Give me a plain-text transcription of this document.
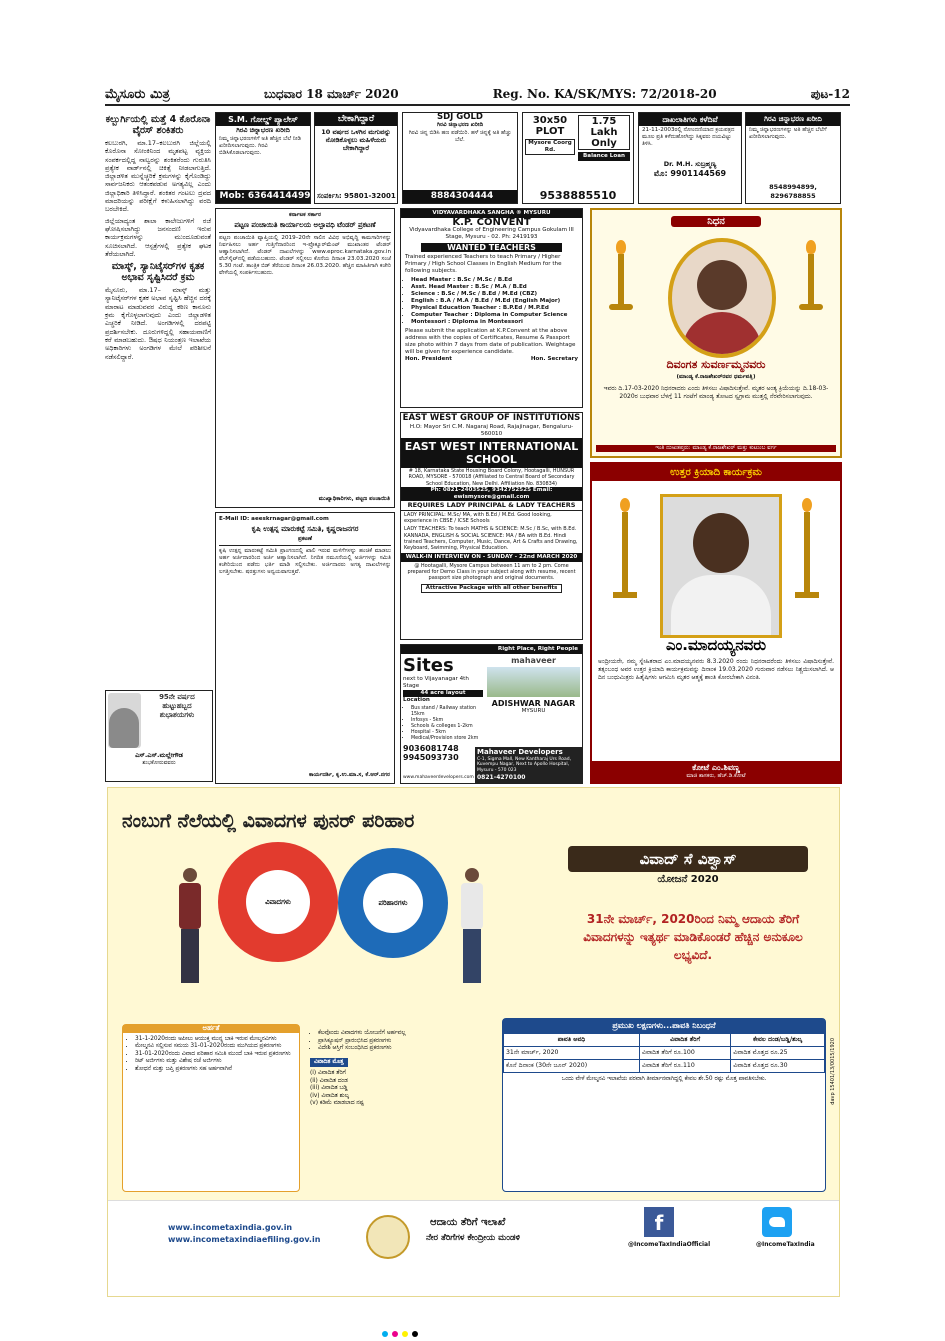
ಮೈಸೂರು ಮಿತ್ರ	ಬುಧವಾರ 18 ಮಾರ್ಚ್ 2020	Reg. No. KA/SK/MYS: 72/2018-20	ಪುಟ-12
ಕಲ್ಬುರ್ಗಿಯಲ್ಲಿ ಮತ್ತೆ 4 ಕೊರೊನಾ ವೈರಸ್ ಶಂಕಿತರು

ಕಲಬುರಗಿ, ಮಾ.17–ಕಲಬುರಗಿ ಜಿಲ್ಲೆಯಲ್ಲಿ ಕೊರೊನಾ ಸೋಂಕಿನಿಂದ ಮೃತಪಟ್ಟ ವ್ಯಕ್ತಿಯ ಸಂಪರ್ಕದಲ್ಲಿದ್ದ ನಾಲ್ವರನ್ನು ಶಂಕಿತರೆಂದು ಗುರುತಿಸಿ ಪ್ರತ್ಯೇಕ ವಾರ್ಡ್‌ನಲ್ಲಿ ಚಿಕಿತ್ಸೆ ನೀಡಲಾಗುತ್ತಿದೆ. ಜಿಲ್ಲಾಡಳಿತ ಮುನ್ನೆಚ್ಚರಿಕೆ ಕ್ರಮಗಳನ್ನು ಕೈಗೊಂಡಿದ್ದು ಸಾರ್ವಜನಿಕರು ಆತಂಕಪಡುವ ಅಗತ್ಯವಿಲ್ಲ ಎಂದು ಜಿಲ್ಲಾಧಿಕಾರಿ ತಿಳಿಸಿದ್ದಾರೆ. ಶಂಕಿತರ ಗಂಟಲು ದ್ರವದ ಮಾದರಿಯನ್ನು ಪರೀಕ್ಷೆಗೆ ಕಳುಹಿಸಲಾಗಿದ್ದು ವರದಿ ಬರಬೇಕಿದೆ.

ಜಿಲ್ಲೆಯಾದ್ಯಂತ ಶಾಲಾ ಕಾಲೇಜುಗಳಿಗೆ ರಜೆ ಘೋಷಿಸಲಾಗಿದ್ದು ಜನಸಂದಣಿ ಇರುವ ಕಾರ್ಯಕ್ರಮಗಳನ್ನು ಮುಂದೂಡುವಂತೆ ಸೂಚಿಸಲಾಗಿದೆ. ಆಸ್ಪತ್ರೆಗಳಲ್ಲಿ ಪ್ರತ್ಯೇಕ ಘಟಕ ತೆರೆಯಲಾಗಿದೆ.

ಮಾಸ್ಕ್, ಸ್ಯಾನಿಟೈಸರ್‌ಗಳ ಕೃತಕ ಅಭಾವ ಸೃಷ್ಟಿಸಿದರೆ ಕ್ರಮ

ಮೈಸೂರು, ಮಾ.17– ಮಾಸ್ಕ್ ಮತ್ತು ಸ್ಯಾನಿಟೈಸರ್‌ಗಳ ಕೃತಕ ಅಭಾವ ಸೃಷ್ಟಿಸಿ ಹೆಚ್ಚಿನ ದರಕ್ಕೆ ಮಾರಾಟ ಮಾಡುವವರ ವಿರುದ್ಧ ಕಠಿಣ ಕಾನೂನು ಕ್ರಮ ಕೈಗೊಳ್ಳಲಾಗುವುದು ಎಂದು ಜಿಲ್ಲಾಡಳಿತ ಎಚ್ಚರಿಕೆ ನೀಡಿದೆ. ಅಂಗಡಿಗಳಲ್ಲಿ ದರಪಟ್ಟಿ ಪ್ರದರ್ಶಿಸಬೇಕು. ದೂರುಗಳಿದ್ದಲ್ಲಿ ಸಹಾಯವಾಣಿಗೆ ಕರೆ ಮಾಡಬಹುದು. ಔಷಧ ನಿಯಂತ್ರಣ ಇಲಾಖೆಯ ಅಧಿಕಾರಿಗಳು ಅಂಗಡಿಗಳ ಮೇಲೆ ಪರಿಶೀಲನೆ ನಡೆಸಲಿದ್ದಾರೆ.

95ನೇ ವರ್ಷದ ಹುಟ್ಟುಹಬ್ಬದ ಶುಭಾಶಯಗಳು
ಎಸ್.ಎಸ್.ಮಲ್ಲೇಗೌಡ
ಶುಭಕೋರುವವರು
S.M. ಗೋಲ್ಡ್ ಪ್ಯಾಲೇಸ್
ಗಿರವಿ ಚಿನ್ನಾಭರಣ ಖರೀದಿ
ನಿಮ್ಮ ಚಿನ್ನಾಭರಣಗಳಿಗೆ ಅತಿ ಹೆಚ್ಚಿನ ಬೆಲೆ ನೀಡಿ ಖರೀದಿಸಲಾಗುವುದು. ಗಿರವಿ ಬಿಡಿಸಿಕೊಡಲಾಗುವುದು.
Mob: 6364414499
ಬೇಕಾಗಿದ್ದಾರೆ
10 ವರ್ಷದ ಒಳಗಿನ ಮಗುವನ್ನು ನೋಡಿಕೊಳ್ಳಲು ಮಹಿಳೆಯರು ಬೇಕಾಗಿದ್ದಾರೆ
ಸಂಪರ್ಕಿಸಿ: 95801-32001
SDJ GOLD
ಗಿರವಿ ಚಿನ್ನಾಭರಣ ಖರೀದಿ
ಗಿರವಿ ಚಿನ್ನ ಬಿಡಿಸಿ ಹಣ ಪಡೆಯಿರಿ. ಹಳೆ ಚಿನ್ನಕ್ಕೆ ಅತಿ ಹೆಚ್ಚು ಬೆಲೆ.
8884304444
30x50 PLOT
Mysore Coorg Rd.
1.75 Lakh Only
Balance Loan
9538885510
ದಾಖಲಾತಿಗಳು ಕಳೆದಿವೆ
21-11-2003ರಲ್ಲಿ ನೋಂದಣಿಯಾದ ಕ್ರಯಪತ್ರದ ಮೂಲ ಪ್ರತಿ ಕಳೆದುಹೋಗಿದ್ದು ಸಿಕ್ಕವರು ದಯವಿಟ್ಟು ತಿಳಿಸಿ.
Dr. M.H. ಸುಬ್ರಹ್ಮಣ್ಯ
ಮೊ: 9901144569
ಗಿರವಿ ಚಿನ್ನಾಭರಣ ಖರೀದಿ
ನಿಮ್ಮ ಚಿನ್ನಾಭರಣಗಳನ್ನು ಅತಿ ಹೆಚ್ಚಿನ ಬೆಲೆಗೆ ಖರೀದಿಸಲಾಗುವುದು.
8548994899, 8296788855
ಕರ್ನಾಟಕ ಸರ್ಕಾರ
ಪಟ್ಟಣ ಪಂಚಾಯಿತಿ ಕಾರ್ಯಾಲಯ ಅಲ್ಪಾವಧಿ ಟೆಂಡರ್ ಪ್ರಕಟಣೆ
ಪಟ್ಟಣ ಪಂಚಾಯಿತಿ ವ್ಯಾಪ್ತಿಯಲ್ಲಿ 2019–20ನೇ ಸಾಲಿನ ವಿವಿಧ ಅಭಿವೃದ್ಧಿ ಕಾಮಗಾರಿಗಳನ್ನು ನಿರ್ವಹಿಸಲು ಅರ್ಹ ಗುತ್ತಿಗೆದಾರರಿಂದ ಇ-ಪ್ರೊಕ್ಯೂರ್‌ಮೆಂಟ್ ಮುಖಾಂತರ ಟೆಂಡರ್ ಆಹ್ವಾನಿಸಲಾಗಿದೆ. ಟೆಂಡರ್ ದಾಖಲೆಗಳನ್ನು www.eproc.karnataka.gov.in ವೆಬ್‌ಸೈಟ್‌ನಲ್ಲಿ ಪಡೆಯಬಹುದು. ಟೆಂಡರ್ ಸಲ್ಲಿಸಲು ಕೊನೆಯ ದಿನಾಂಕ 23.03.2020 ಸಂಜೆ 5.30 ಗಂಟೆ. ತಾಂತ್ರಿಕ ಬಿಡ್ ತೆರೆಯುವ ದಿನಾಂಕ 26.03.2020. ಹೆಚ್ಚಿನ ಮಾಹಿತಿಗಾಗಿ ಕಚೇರಿ ವೇಳೆಯಲ್ಲಿ ಸಂಪರ್ಕಿಸಬಹುದು.
ಮುಖ್ಯಾಧಿಕಾರಿಗಳು, ಪಟ್ಟಣ ಪಂಚಾಯಿತಿ
E-Mail ID: aeeskrnagar@gmail.com
ಕೃಷಿ ಉತ್ಪನ್ನ ಮಾರುಕಟ್ಟೆ ಸಮಿತಿ, ಕೃಷ್ಣರಾಜನಗರ
ಪ್ರಕಟಣೆ
ಕೃಷಿ ಉತ್ಪನ್ನ ಮಾರುಕಟ್ಟೆ ಸಮಿತಿ ಪ್ರಾಂಗಣದಲ್ಲಿ ಖಾಲಿ ಇರುವ ಮಳಿಗೆಗಳನ್ನು ಹಂಚಿಕೆ ಮಾಡಲು ಅರ್ಹ ಅರ್ಜಿದಾರರಿಂದ ಅರ್ಜಿ ಆಹ್ವಾನಿಸಲಾಗಿದೆ. ನಿಗದಿತ ನಮೂನೆಯಲ್ಲಿ ಅರ್ಜಿಗಳನ್ನು ಸಮಿತಿ ಕಚೇರಿಯಿಂದ ಪಡೆದು ಭರ್ತಿ ಮಾಡಿ ಸಲ್ಲಿಸಬೇಕು. ಅರ್ಜಿದಾರರು ಅಗತ್ಯ ದಾಖಲೆಗಳನ್ನು ಲಗತ್ತಿಸಬೇಕು. ಷರತ್ತುಗಳು ಅನ್ವಯವಾಗುತ್ತವೆ.
ಕಾರ್ಯದರ್ಶಿ, ಕೃ.ಉ.ಮಾ.ಸ, ಕೆ.ಆರ್.ನಗರ
VIDYAVARDHAKA SANGHA ® MYSURU
K.P. CONVENT
Vidyavardhaka College of Engineering Campus Gokulam III Stage, Mysuru - 02. Ph: 2419193
WANTED TEACHERS
Trained experienced Teachers to teach Primary / Higher Primary / High School Classes in English Medium for the following subjects.
• Head Master : B.Sc / M.Sc / B.Ed
• Asst. Head Master : B.Sc / M.A / B.Ed
• Science : B.Sc / M.Sc / B.Ed / M.Ed (CBZ)
• English : B.A / M.A / B.Ed / M.Ed (English Major)
• Physical Education Teacher : B.P.Ed / M.P.Ed
• Computer Teacher : Diploma in Computer Science
• Montessori : Diploma in Montessori
Please submit the application at K.P.Convent at the above address with the copies of Certificates, Resume & Passport size photo within 7 days from date of publication. Weightage will be given for experience candidate.
Hon. President	Hon. Secretary
EAST WEST GROUP OF INSTITUTIONS
H.O: Mayor Sri C.M. Nagaraj Road, Rajajinagar, Bengaluru-560010
EAST WEST INTERNATIONAL SCHOOL
# 18, Karnataka State Housing Board Colony, Hootagalli, HUNSUR ROAD, MYSORE - 570018 (Affiliated to Central Board of Secondary School Education, New Delhi. Affiliation No. 830834)
Ph: 0821-2403525, 9342752525 Email: ewismysore@gmail.com
REQUIRES LADY PRINCIPAL & LADY TEACHERS
LADY PRINCIPAL: M.Sc/ MA, with B.Ed / M.Ed. Good looking, experience in CBSE / ICSE Schools
LADY TEACHERS: To teach MATHS & SCIENCE: M.Sc / B.Sc, with B.Ed. KANNADA, ENGLISH & SOCIAL SCIENCE: MA / BA with B.Ed. Hindi trained Teachers, Computer, Music, Dance, Art & Crafts and Drawing, Keyboard, Swimming, Physical Education.
WALK-IN INTERVIEW ON - SUNDAY - 22nd MARCH 2020
@ Hootagalli, Mysore Campus between 11 am to 2 pm. Come prepared for Demo Class in your subject along with resume, recent passport size photograph and original documents.
Attractive Package with all other benefits
Right Place, Right People
Sites
next to Vijayanagar 4th Stage
44 acre layout
Location
• Bus stand / Railway station 15km
• Infosys - 5km
• Schools & colleges 1-2km
• Hospital - 5km
• Medical/Provision store 2km
9036081748
9945093730
mahaveer
ADISHWAR NAGAR
MYSURU
Mahaveer Developers
C-1, Sigma Mall, New Kantharaj Urs Road, Kuvempu Nagar, Next to Apollo Hospital, Mysuru - 570 023
0821-4270100
www.mahaveerdevelopers.com
ನಿಧನ
ದಿವಂಗತ ಸುವರ್ಣಮ್ಮನವರು
(ಮಾಂಡ್ಯ ಕೆ.ರಾಜಶೇಖರ್‌ರವರ ಧರ್ಮಪತ್ನಿ)
ಇವರು ದಿ.17-03-2020 ನಿಧನರಾದರು ಎಂದು ತಿಳಿಸಲು ವಿಷಾದಿಸುತ್ತೇವೆ. ಮೃತರ ಅಂತ್ಯ ಕ್ರಿಯೆಯನ್ನು ದಿ.18-03-2020ರ ಬುಧವಾರ ಬೆಳಗ್ಗೆ 11 ಗಂಟೆಗೆ ಮಾಂಡ್ಯ ತೋಟದ ಸ್ವಗ್ರಾಮ ಮುತ್ತಲ್ಲಿ ನೆರವೇರಿಸಲಾಗುವುದು.
ಇಂತಿ ದುಃಖತಪ್ತರು: ಮಾಂಡ್ಯ ಕೆ.ರಾಜಶೇಖರ್ ಮತ್ತು ಕುಟುಂಬ ವರ್ಗ
ಉತ್ತರ ಕ್ರಿಯಾದಿ ಕಾರ್ಯಕ್ರಮ
ಎಂ.ಮಾದಯ್ಯನವರು
ಅಂದ್ರೀಯರೇ, ನಮ್ಮ ಸ್ನೇಹಿತರಾದ ಎಂ.ಮಾದಯ್ಯನವರು 8.3.2020 ರಂದು ನಿಧನರಾದರೆಂದು ತಿಳಿಸಲು ವಿಷಾದಿಸುತ್ತೇವೆ. ತತ್ಸಂಬಂಧ ಅವರ ಉತ್ತರ ಕ್ರಿಯಾದಿ ಕಾರ್ಯಕ್ರಮವನ್ನು ದಿನಾಂಕ 19.03.2020 ಗುರುವಾರ ನಡೆಸಲು ನಿಶ್ಚಯಿಸಲಾಗಿದೆ. ಆ ದಿನ ಬಂಧುಮಿತ್ರರು ಹಿತೈಷಿಗಳು ಆಗಮಿಸಿ ಮೃತರ ಆತ್ಮಕ್ಕೆ ಶಾಂತಿ ಕೋರಬೇಕಾಗಿ ವಿನಂತಿ.
ಕೋಟೆ ಎಂ.ಶಿವಣ್ಣ
ಮಾಜಿ ಶಾಸಕರು, ಹೆಚ್.ಡಿ.ಕೋಟೆ
ನಂಬುಗೆ ನೆಲೆಯಲ್ಲಿ ವಿವಾದಗಳ ಪುನರ್ ಪರಿಹಾರ
ವಿವಾದ್ ಸೆ ವಿಶ್ವಾಸ್
ಯೋಜನೆ 2020
31ನೇ ಮಾರ್ಚ್, 2020ರಿಂದ ನಿಮ್ಮ ಆದಾಯ ತೆರಿಗೆ ವಿವಾದಗಳನ್ನು ಇತ್ಯರ್ಥ ಮಾಡಿಕೊಂಡರೆ ಹೆಚ್ಚಿನ ಅನುಕೂಲ ಲಭ್ಯವಿದೆ.
ವಿವಾದಗಳು	ಪರಿಹಾರಗಳು
ಅರ್ಹತೆ
• 31-1-2020ರಂದು ಅಪೀಲು ಆಯುಕ್ತ ಮುನ್ನ ಬಾಕಿ ಇರುವ ಮೇಲ್ಮನವಿಗಳು
• ಮೇಲ್ಮನವಿ ಸಲ್ಲಿಸುವ ಸಮಯ 31-01-2020ರಂದು ಮುಗಿಯದ ಪ್ರಕರಣಗಳು
• 31-01-2020ರಂದು ವಿವಾದ ಪರಿಹಾರ ಸಮಿತಿ ಮುಂದೆ ಬಾಕಿ ಇರುವ ಪ್ರಕರಣಗಳು
• ರಿಟ್ ಅರ್ಜಿಗಳು ಮತ್ತು ವಿಶೇಷ ರಜೆ ಅರ್ಜಿಗಳು
• ಶೋಧನೆ ಮತ್ತು ಜಪ್ತಿ ಪ್ರಕರಣಗಳು ಸಹ ಅರ್ಹವಾಗಿವೆ
• ಕೆಲವೊಂದು ವಿವಾದಗಳು ಯೋಜನೆಗೆ ಅರ್ಹವಲ್ಲ
• ಪ್ರಾಸಿಕ್ಯೂಷನ್ ಪ್ರಾರಂಭಿಸಿದ ಪ್ರಕರಣಗಳು
• ವಿದೇಶಿ ಆಸ್ತಿಗೆ ಸಂಬಂಧಿಸಿದ ಪ್ರಕರಣಗಳು
ವಿವಾದಿತ ಮೊತ್ತ
(i) ವಿವಾದಿತ ತೆರಿಗೆ
(ii) ವಿವಾದಿತ ದಂಡ
(iii) ವಿವಾದಿತ ಬಡ್ಡಿ
(iv) ವಿವಾದಿತ ಶುಲ್ಕ
(v) ಕಡಿಮೆ ಮಾಡಲಾದ ನಷ್ಟ
ಪ್ರಮುಖ ಲಕ್ಷಣಗಳು...ಪಾವತಿ ನಿಬಂಧನೆ
ಪಾವತಿ ಅವಧಿ	ವಿವಾದಿತ ತೆರಿಗೆ	ಕೇವಲ ದಂಡ/ಬಡ್ಡಿ/ಶುಲ್ಕ
31ನೇ ಮಾರ್ಚ್, 2020	ವಿವಾದಿತ ತೆರಿಗೆ ರೂ.100	ವಿವಾದಿತ ಮೊತ್ತದ ರೂ.25
ಕೊನೆ ದಿನಾಂಕ (30ನೇ ಜೂನ್ 2020)	ವಿವಾದಿತ ತೆರಿಗೆ ರೂ.110	ವಿವಾದಿತ ಮೊತ್ತದ ರೂ.30
ಒಂದು ವೇಳೆ ಮೇಲ್ಮನವಿ ಇಲಾಖೆಯ ಪರವಾಗಿ ತೀರ್ಮಾನವಾಗಿದ್ದಲ್ಲಿ ಕೇವಲ ಶೇ.50 ರಷ್ಟು ಮೊತ್ತ ಪಾವತಿಸಬೇಕು.	davp 15401/13/0015/1920
www.incometaxindia.gov.in
www.incometaxindiaefiling.gov.in
ಆದಾಯ ತೆರಿಗೆ ಇಲಾಖೆ
ನೇರ ತೆರಿಗೆಗಳ ಕೇಂದ್ರೀಯ ಮಂಡಳಿ
f
@IncomeTaxIndiaOfficial	@IncomeTaxIndia
